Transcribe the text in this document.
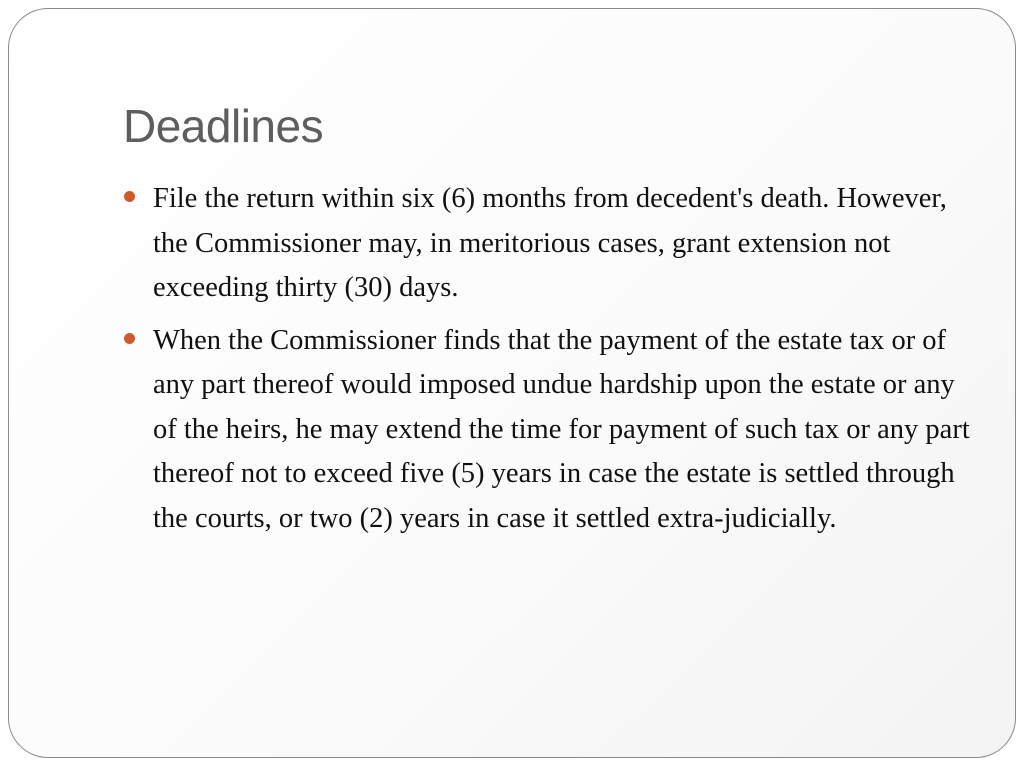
Deadlines
File the return within six (6) months from decedent's death. However, the Commissioner may, in meritorious cases, grant extension not exceeding thirty (30) days.
When the Commissioner finds that the payment of the estate tax or of any part thereof would imposed undue hardship upon the estate or any of the heirs, he may extend the time for payment of such tax or any part thereof not to exceed five (5) years in case the estate is settled through the courts, or two (2) years in case it settled extra-judicially.
